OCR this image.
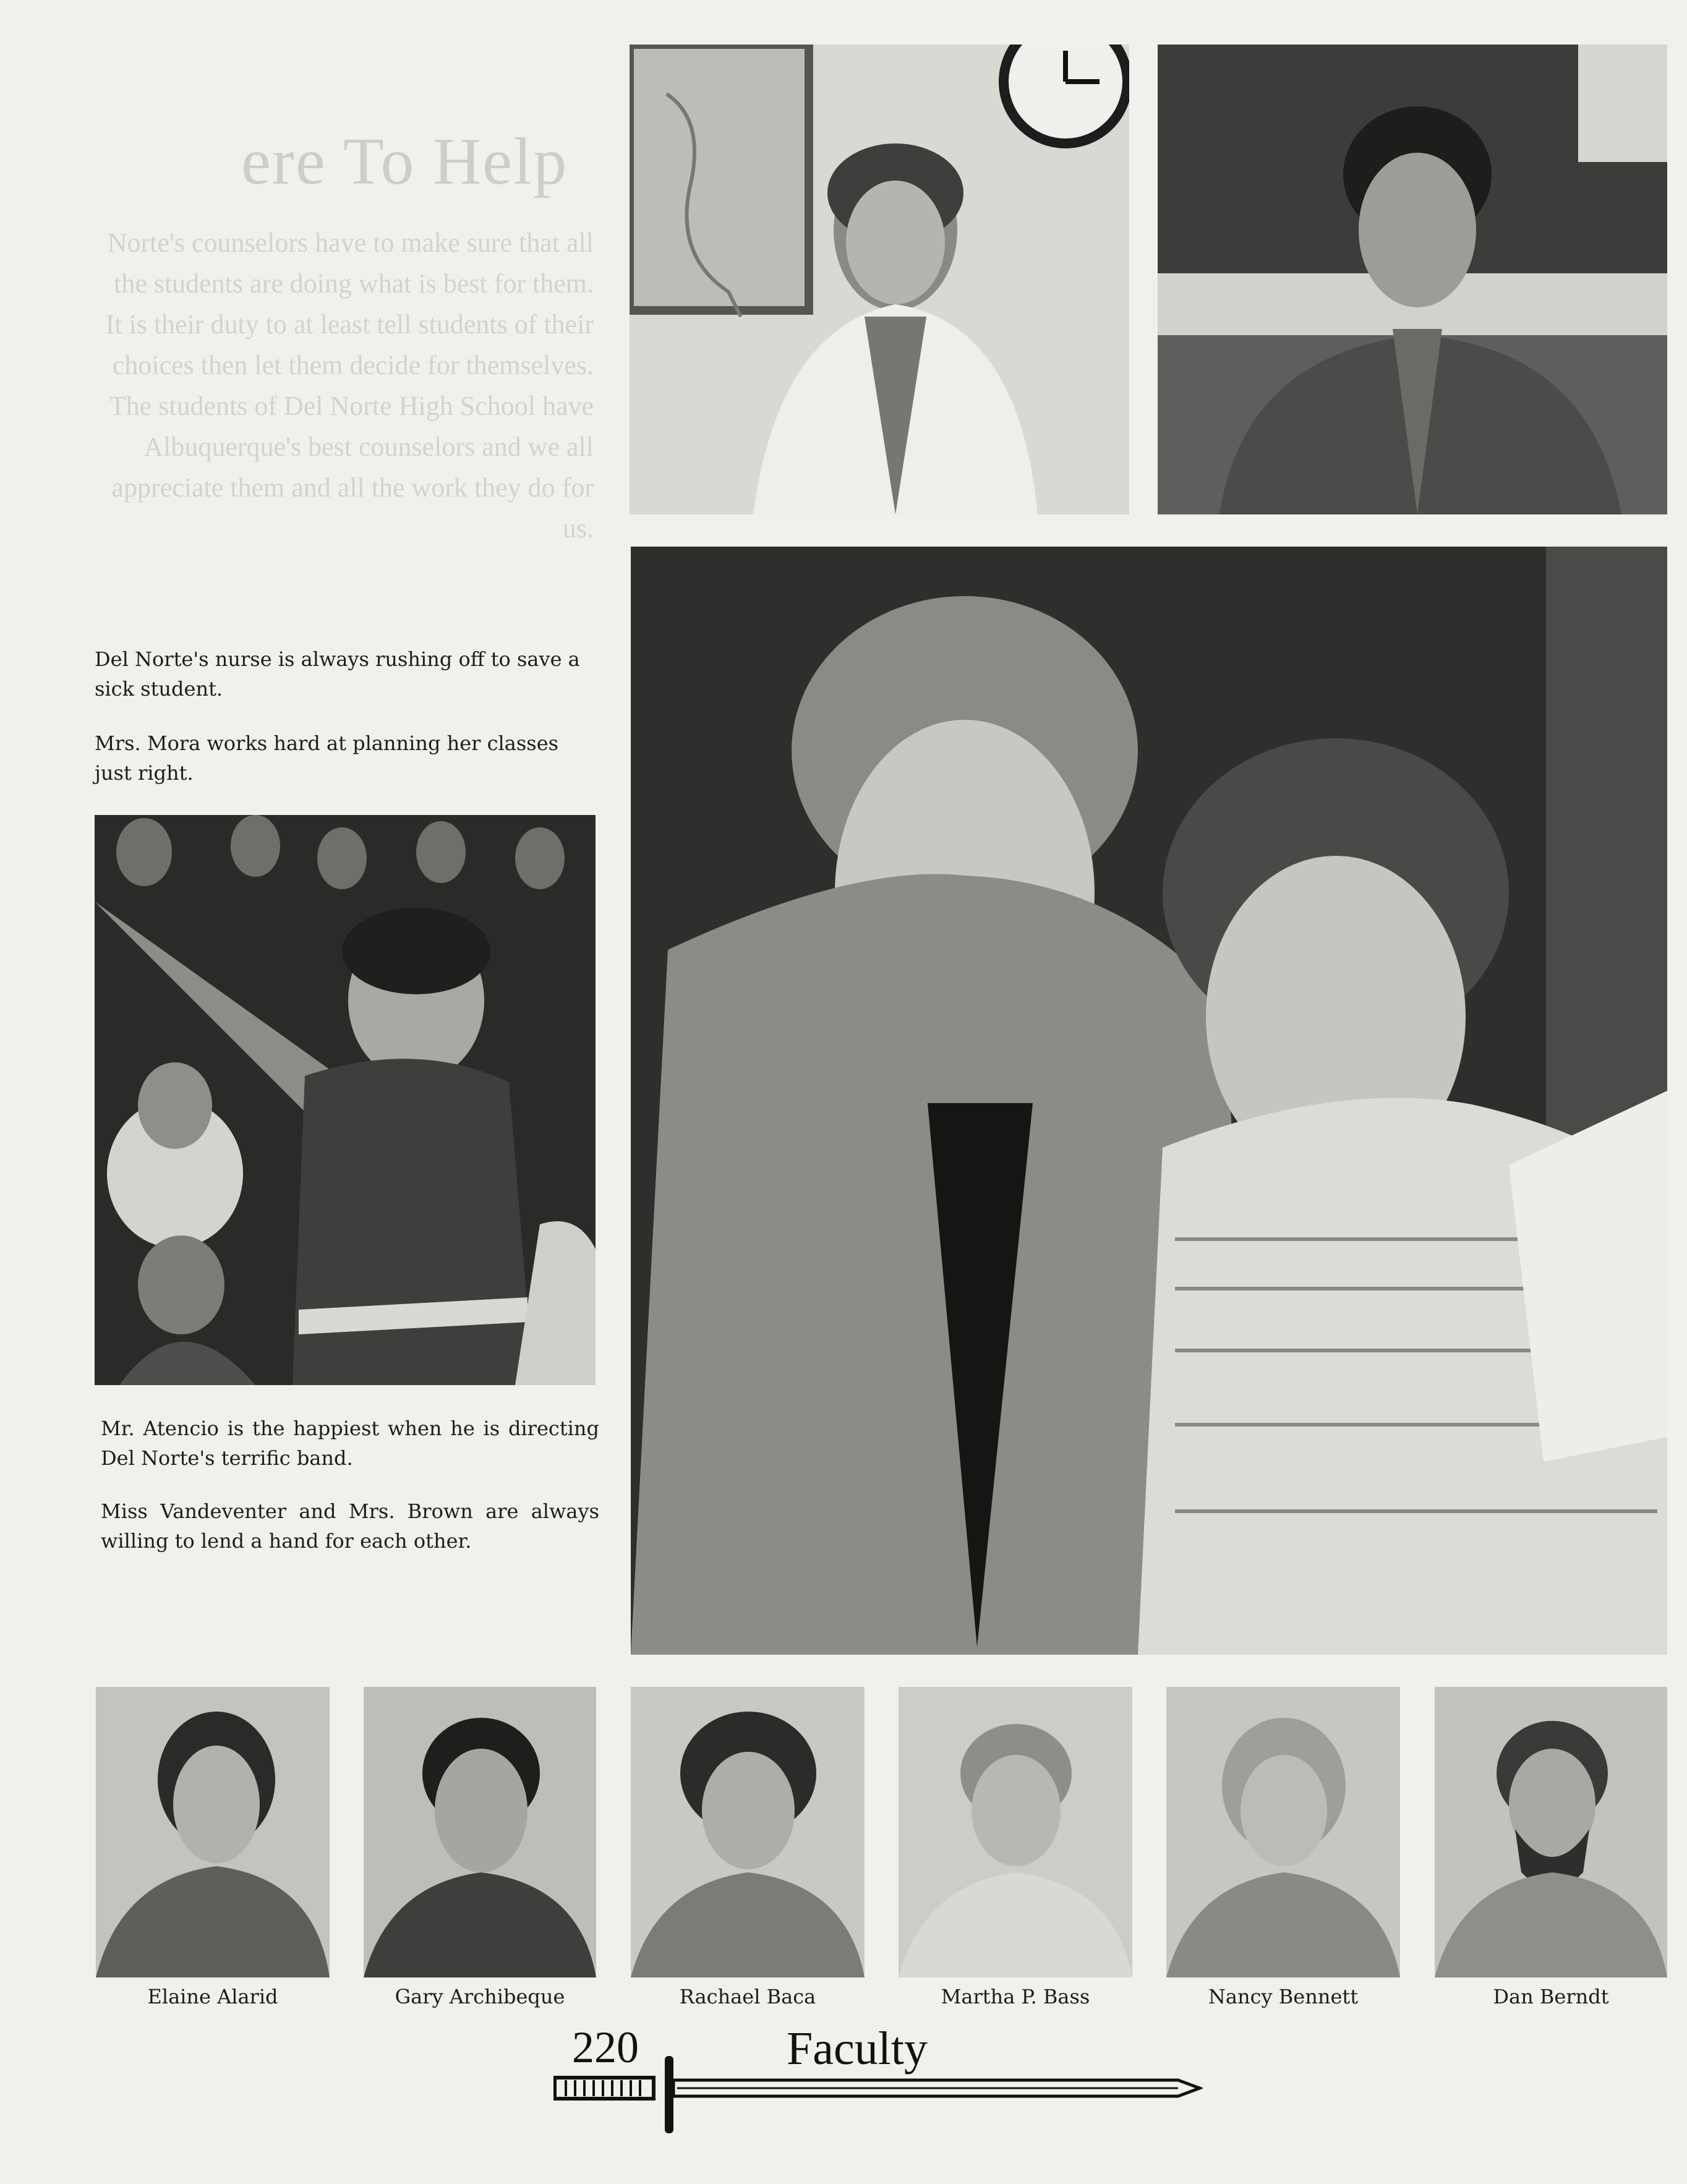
ere To Help
Norte's counselors have to make sure that all the students are doing what is best for them. It is their duty to at least tell students of their choices then let them decide for themselves. The students of Del Norte High School have Albuquerque's best counselors and we all appreciate them and all the work they do for us.
Del Norte's nurse is always rushing off to save a sick student.
Mrs. Mora works hard at planning her classes just right.
Mr. Atencio is the happiest when he is directing Del Norte's terrific band.
Miss Vandeventer and Mrs. Brown are always willing to lend a hand for each other.
Elaine Alarid	Gary Archibeque	Rachael Baca	Martha P. Bass	Nancy Bennett	Dan Berndt
220	Faculty
